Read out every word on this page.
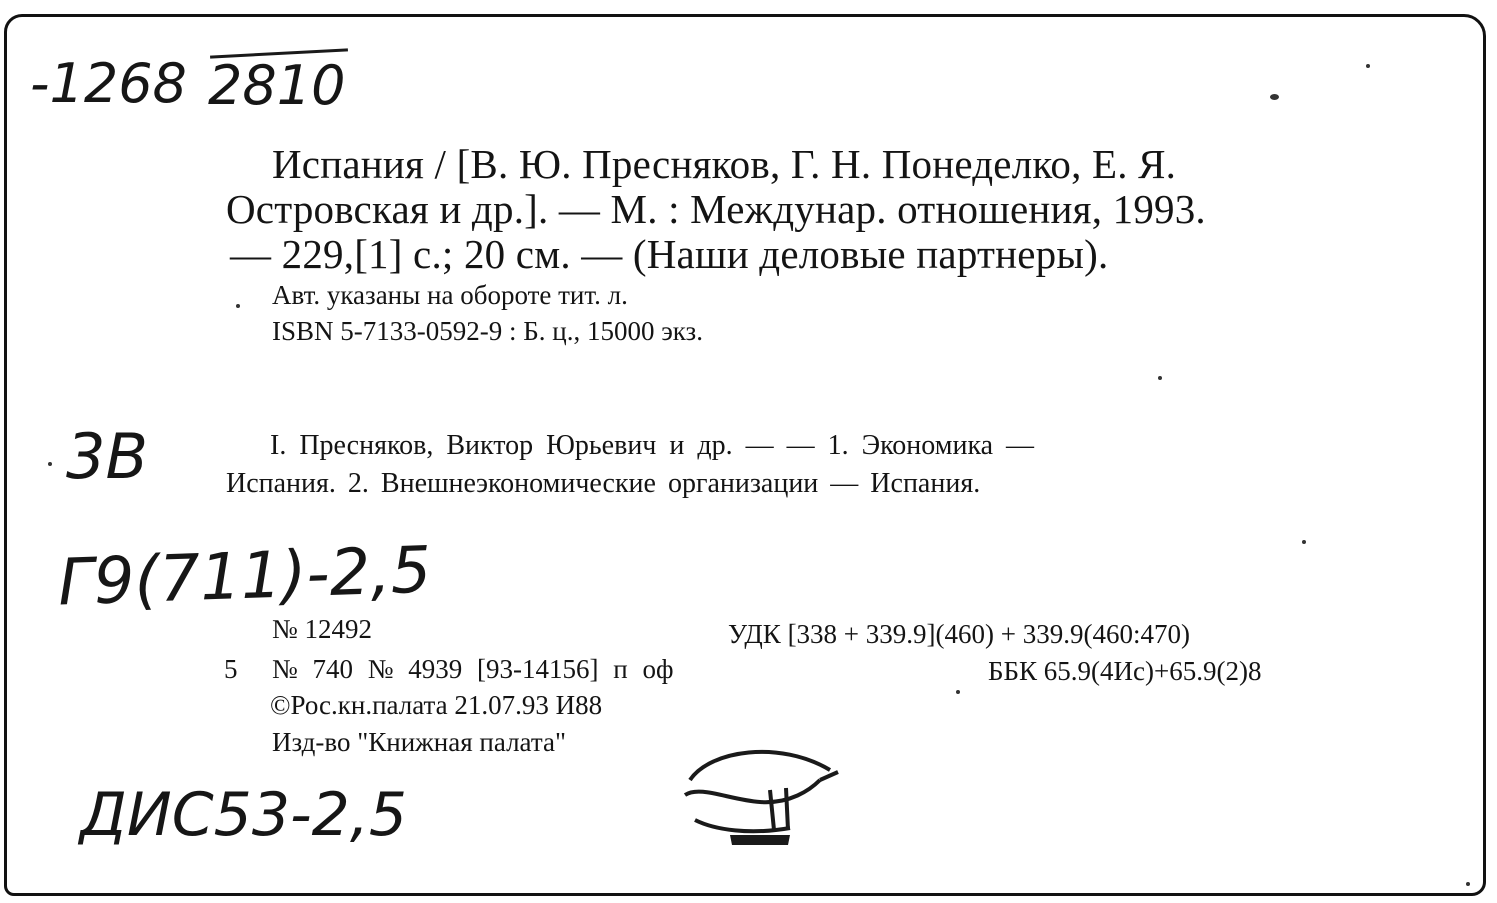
-1268 2810
3B
Г9(711)-2,5
ДИС53-2,5
Испания / [В. Ю. Пресняков, Г. Н. Понеделко, Е. Я.
Островская и др.]. — М. : Междунар. отношения, 1993.
— 229,[1] с.; 20 см. — (Наши деловые партнеры).
Авт. указаны на обороте тит. л.
ISBN 5-7133-0592-9 : Б. ц., 15000 экз.
I. Пресняков, Виктор Юрьевич и др. — — 1. Экономика —
Испания. 2. Внешнеэкономические организации — Испания.
№ 12492	УДК [338 + 339.9](460) + 339.9(460:470)
5 № 740 № 4939 [93-14156] п оф	ББК 65.9(4Ис)+65.9(2)8
©Рос.кн.палата 21.07.93 И88
Изд-во "Книжная палата"
